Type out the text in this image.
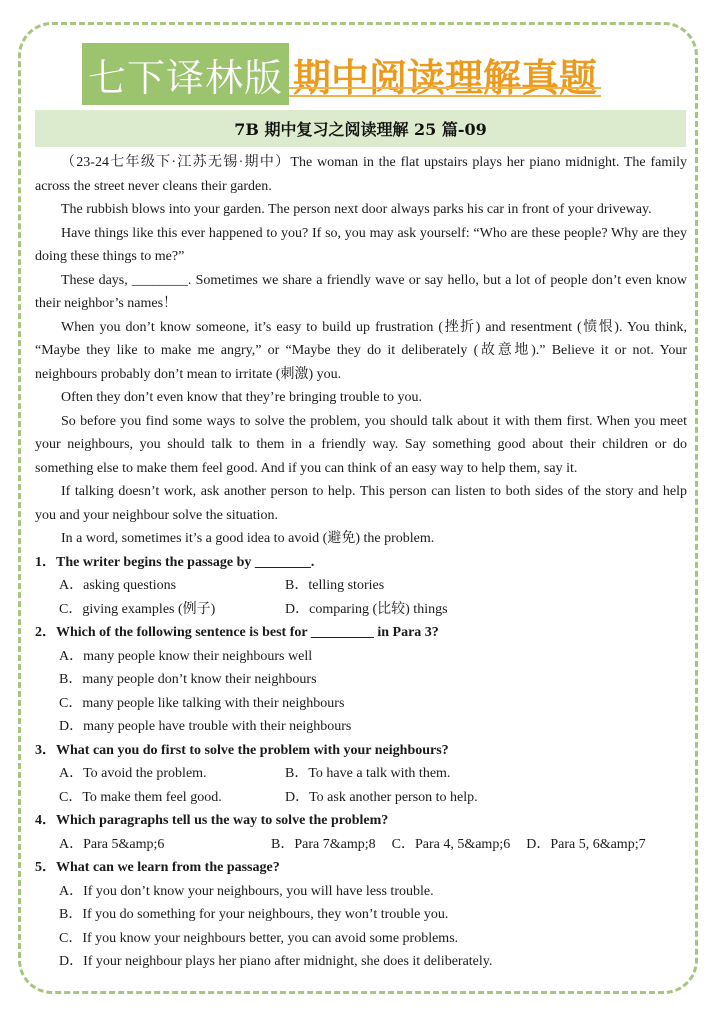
七下译林版 期中阅读理解真题
7B 期中复习之阅读理解 25 篇-09

（23-24七年级下·江苏无锡·期中）The woman in the flat upstairs plays her piano midnight. The family across the street never cleans their garden.

The rubbish blows into your garden. The person next door always parks his car in front of your driveway.

Have things like this ever happened to you? If so, you may ask yourself: “Who are these people? Why are they doing these things to me?”

These days, ________. Sometimes we share a friendly wave or say hello, but a lot of people don’t even know their neighbor’s names！

When you don’t know someone, it’s easy to build up frustration (挫折) and resentment (愤恨). You think, “Maybe they like to make me angry,” or “Maybe they do it deliberately (故意地).” Believe it or not. Your neighbours probably don’t mean to irritate (刺激) you.

Often they don’t even know that they’re bringing trouble to you.

So before you find some ways to solve the problem, you should talk about it with them first. When you meet your neighbours, you should talk to them in a friendly way. Say something good about their children or do something else to make them feel good. And if you can think of an easy way to help them, say it.

If talking doesn’t work, ask another person to help. This person can listen to both sides of the story and help you and your neighbour solve the situation.

In a word, sometimes it’s a good idea to avoid (避免) the problem.

1．The writer begins the passage by ________.

A．asking questions	B．telling stories
C．giving examples (例子)	D．comparing (比较) things

2．Which of the following sentence is best for _________ in Para 3?

A．many people know their neighbours well

B．many people don’t know their neighbours

C．many people like talking with their neighbours

D．many people have trouble with their neighbours

3．What can you do first to solve the problem with your neighbours?

A．To avoid the problem.	B．To have a talk with them.
C．To make them feel good.	D．To ask another person to help.

4．Which paragraphs tell us the way to solve the problem?

A．Para 5&amp;6	B．Para 7&amp;8 C．Para 4, 5&amp;6 D．Para 5, 6&amp;7

5．What can we learn from the passage?

A．If you don’t know your neighbours, you will have less trouble.

B．If you do something for your neighbours, they won’t trouble you.

C．If you know your neighbours better, you can avoid some problems.

D．If your neighbour plays her piano after midnight, she does it deliberately.
